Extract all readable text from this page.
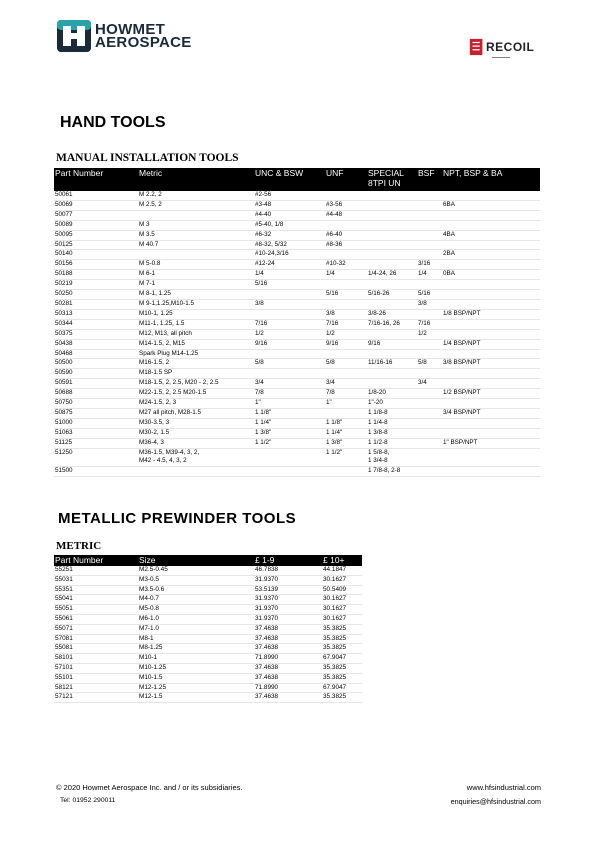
HOWMET
AEROSPACE	RECOIL
▬▬▬▬▬▬
HAND TOOLS
MANUAL INSTALLATION TOOLS
Part Number	Metric	UNC & BSW	UNF	SPECIAL 8TPI UN	BSF	NPT, BSP & BA
50061	M 2.2, 2	#2-56				
50069	M 2.5, 2	#3-48	#3-56			6BA
50077		#4-40	#4-48			
50089	M 3	#5-40, 1/8				
50095	M 3.5	#6-32	#6-40			4BA
50125	M 40.7	#8-32, 5/32	#8-36			
50140		#10-24,3/16				2BA
50156	M 5-0.8	#12-24	#10-32		3/16	
50188	M 6-1	1/4	1/4	1/4-24, 26	1/4	0BA
50219	M 7-1	5/16				
50250	M 8-1, 1.25		5/16	5/16-26	5/16	
50281	M 9-1,1.25,M10-1.5	3/8			3/8	
50313	M10-1, 1.25		3/8	3/8-26		1/8 BSP/NPT
50344	M11-1, 1.25, 1.5	7/16	7/16	7/16-16, 26	7/16	
50375	M12, M13, all pitch	1/2	1/2		1/2	
50438	M14-1.5, 2, M15	9/16	9/16	9/16		1/4 BSP/NPT
50468	Spark Plug M14-1.25					
50500	M16-1.5, 2	5/8	5/8	11/16-16	5/8	3/8 BSP/NPT
50590	M18-1.5 SP					
50591	M18-1.5, 2, 2.5, M20 - 2, 2.5	3/4	3/4		3/4	
50688	M22-1.5, 2, 2.5 M20-1.5	7/8	7/8	1/8-20		1/2 BSP/NPT
50750	M24-1.5, 2, 3	1"	1"	1"-20		
50875	M27 all pitch, M28-1.5	1 1/8"		1 1/8-8		3/4 BSP/NPT
51000	M30-3.5, 3	1 1/4"	1 1/8"	1 1/4-8		
51063	M30-2, 1.5	1 3/8"	1 1/4"	1 3/8-8		
51125	M36-4, 3	1 1/2"	1 3/8"	1 1/2-8		1" BSP/NPT
51250	M36-1.5, M39-4, 3, 2,
M42 - 4.5, 4, 3, 2		1 1/2"	1 5/8-8,
1 3/4-8		
51500				1 7/8-8, 2-8		
METALLIC PREWINDER TOOLS
METRIC
Part Number	Size	£ 1-9	£ 10+
55251	M2.5-0.45	46.7838	44.1847
55031	M3-0.5	31.9370	30.1627
55351	M3.5-0.6	53.5139	50.5409
55041	M4-0.7	31.9370	30.1627
55051	M5-0.8	31.9370	30.1627
55061	M6-1.0	31.9370	30.1627
55071	M7-1.0	37.4638	35.3825
57081	M8-1	37.4638	35.3825
55081	M8-1.25	37.4638	35.3825
58101	M10-1	71.8990	67.9047
57101	M10-1.25	37.4638	35.3825
55101	M10-1.5	37.4638	35.3825
58121	M12-1.25	71.8990	67.9047
57121	M12-1.5	37.4638	35.3825
© 2020 Howmet Aerospace Inc. and / or its subsidiaries.
Tel: 01952 290011
www.hfsindustrial.com
enquiries@hfsindustrial.com
